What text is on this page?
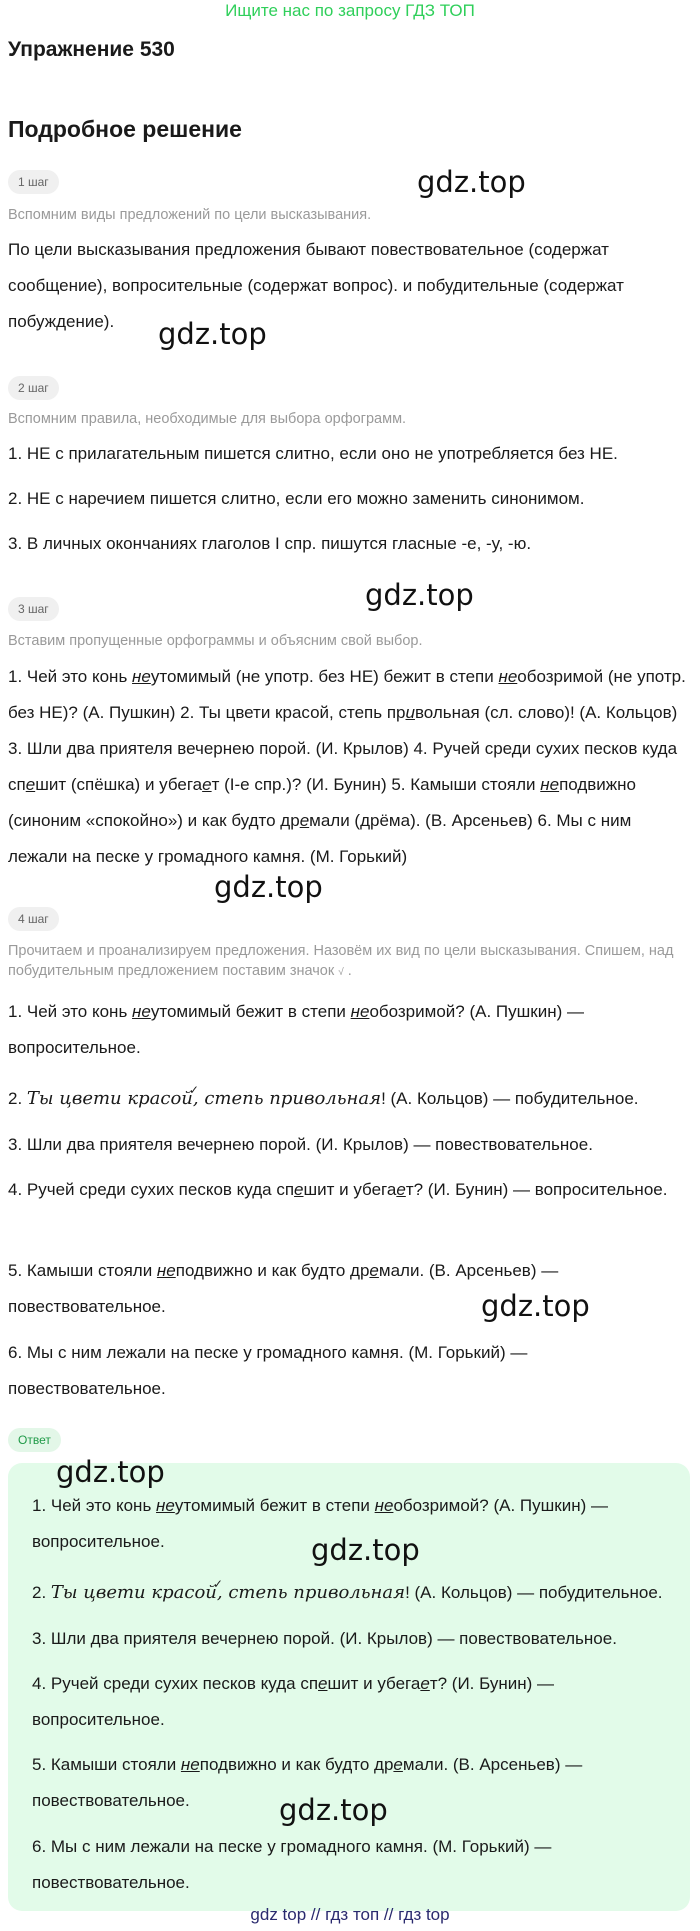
Ищите нас по запросу ГДЗ ТОП
Упражнение 530
Подробное решение
1 шаг
Вспомним виды предложений по цели высказывания.
По цели высказывания предложения бывают повествовательное (содержат сообщение), вопросительные (содержат вопрос). и побудительные (содержат побуждение).
2 шаг
Вспомним правила, необходимые для выбора орфограмм.
1. НЕ с прилагательным пишется слитно, если оно не употребляется без НЕ.
2. НЕ с наречием пишется слитно, если его можно заменить синонимом.
3. В личных окончаниях глаголов I спр. пишутся гласные -е, -у, -ю.
3 шаг
Вставим пропущенные орфограммы и объясним свой выбор.
1. Чей это конь неутомимый (не употр. без НЕ) бежит в степи необозримой (не употр. без НЕ)? (А. Пушкин) 2. Ты цвети красой, степь привольная (сл. слово)! (А. Кольцов) 3. Шли два приятеля вечернею порой. (И. Крылов) 4. Ручей среди сухих песков куда спешит (спёшка) и убегает (I-е спр.)? (И. Бунин) 5. Камыши стояли неподвижно (синоним «спокойно») и как будто дремали (дрёма). (В. Арсеньев) 6. Мы с ним лежали на песке у громадного камня. (М. Горький)
4 шаг
Прочитаем и проанализируем предложения. Назовём их вид по цели высказывания. Спишем, над побудительным предложением поставим значок √ .
1. Чей это конь неутомимый бежит в степи необозримой? (А. Пушкин) — вопросительное.
2. Ты цвети красой, ✓ степь привольная! (А. Кольцов) — побудительное.
3. Шли два приятеля вечернею порой. (И. Крылов) — повествовательное.
4. Ручей среди сухих песков куда спешит и убегает? (И. Бунин) — вопросительное.
5. Камыши стояли неподвижно и как будто дремали. (В. Арсеньев) — повествовательное.
6. Мы с ним лежали на песке у громадного камня. (М. Горький) — повествовательное.
Ответ
1. Чей это конь неутомимый бежит в степи необозримой? (А. Пушкин) — вопросительное.
2. Ты цвети красой, ✓ степь привольная! (А. Кольцов) — побудительное.
3. Шли два приятеля вечернею порой. (И. Крылов) — повествовательное.
4. Ручей среди сухих песков куда спешит и убегает? (И. Бунин) — вопросительное.
5. Камыши стояли неподвижно и как будто дремали. (В. Арсеньев) — повествовательное.
6. Мы с ним лежали на песке у громадного камня. (М. Горький) — повествовательное.
gdz.top
gdz.top
gdz.top
gdz.top
gdz.top
gdz.top
gdz.top
gdz.top
gdz top // гдз топ // гдз top
